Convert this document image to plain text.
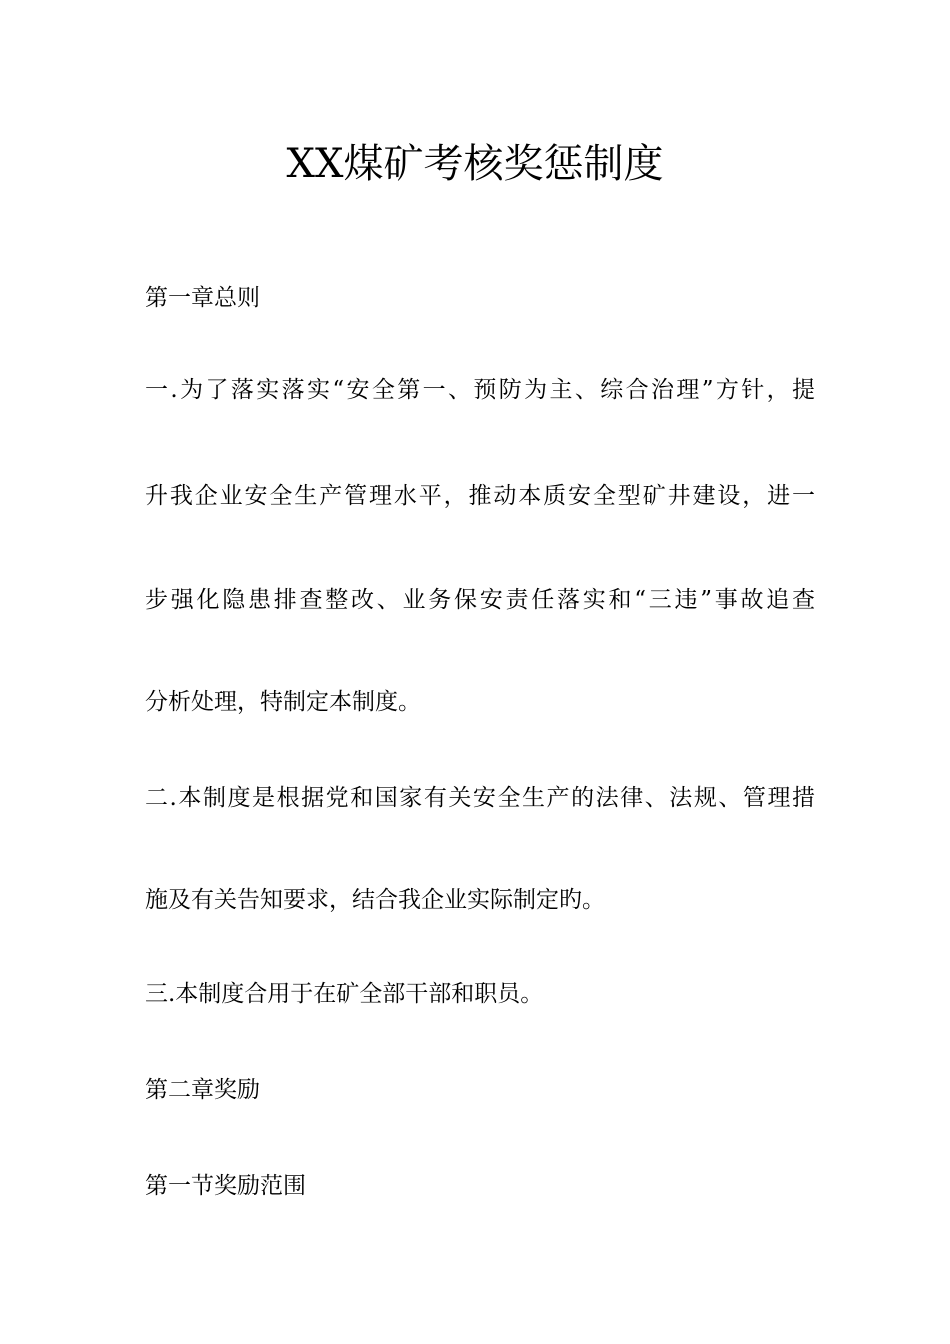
XX煤矿考核奖惩制度
第一章总则
一.为了落实落实“安全第一、预防为主、综合治理”方针，提
升我企业安全生产管理水平，推动本质安全型矿井建设，进一
步强化隐患排查整改、业务保安责任落实和“三违”事故追查
分析处理，特制定本制度。
二.本制度是根据党和国家有关安全生产的法律、法规、管理措
施及有关告知要求，结合我企业实际制定旳。
三.本制度合用于在矿全部干部和职员。
第二章奖励
第一节奖励范围
